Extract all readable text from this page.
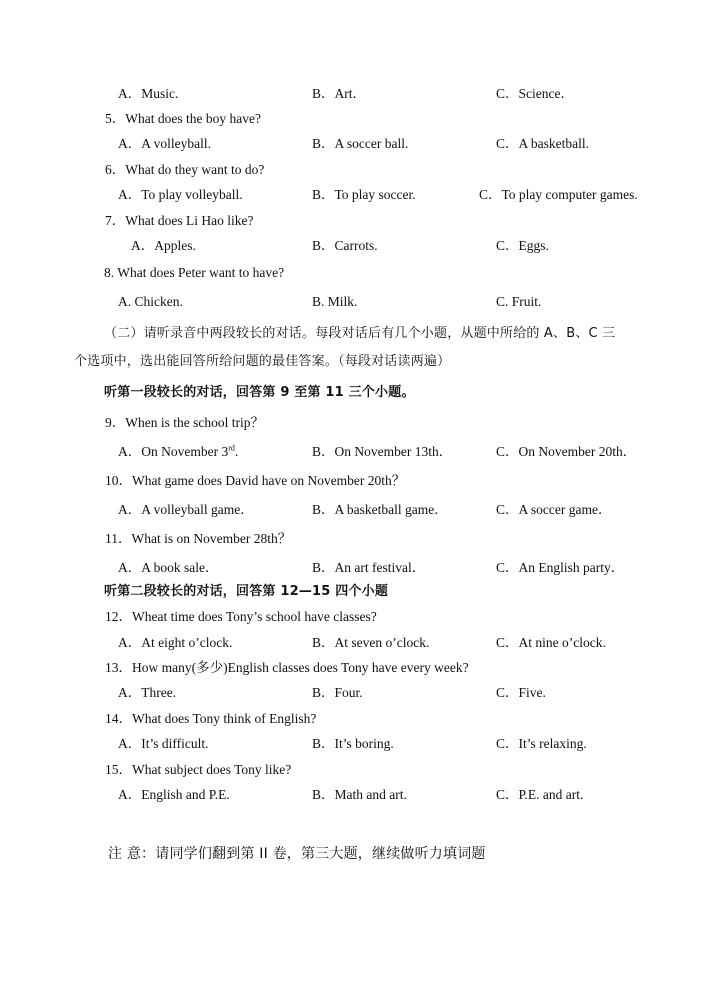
A．Music.	B．Art．	C．Science．
5．What does the boy have?
A．A volleyball.	B．A soccer ball.	C．A basketball.
6．What do they want to do?
A．To play volleyball.	B．To play soccer.	C．To play computer games.
7．What does Li Hao like?
A．Apples.	B．Carrots.	C．Eggs.
8. What does Peter want to have?
A. Chicken.	B. Milk.	C. Fruit.
（二）请听录音中两段较长的对话。每段对话后有几个小题，从题中所给的 A、B、C 三
个选项中，选出能回答所给问题的最佳答案。（每段对话读两遍）
听第一段较长的对话，回答第 9 至第 11 三个小题。
9．When is the school trip？
A．On November 3rd.	B．On November 13th．	C．On November 20th．
10．What game does David have on November 20th？
A．A volleyball game．	B．A basketball game．	C．A soccer game．
11．What is on November 28th？
A．A book sale．	B．An art festival．	C．An English party．
听第二段较长的对话，回答第 12—15 四个小题
12．Wheat time does Tony’s school have classes?
A．At eight o’clock.	B．At seven o’clock.	C．At nine o’clock.
13．How many(多少)English classes does Tony have every week?
A．Three.	B．Four.	C．Five.
14．What does Tony think of English?
A．It’s difficult.	B．It’s boring.	C．It’s relaxing.
15．What subject does Tony like?
A．English and P.E.	B．Math and art.	C．P.E. and art.
注 意：请同学们翻到第 II 卷，第三大题，继续做听力填词题
